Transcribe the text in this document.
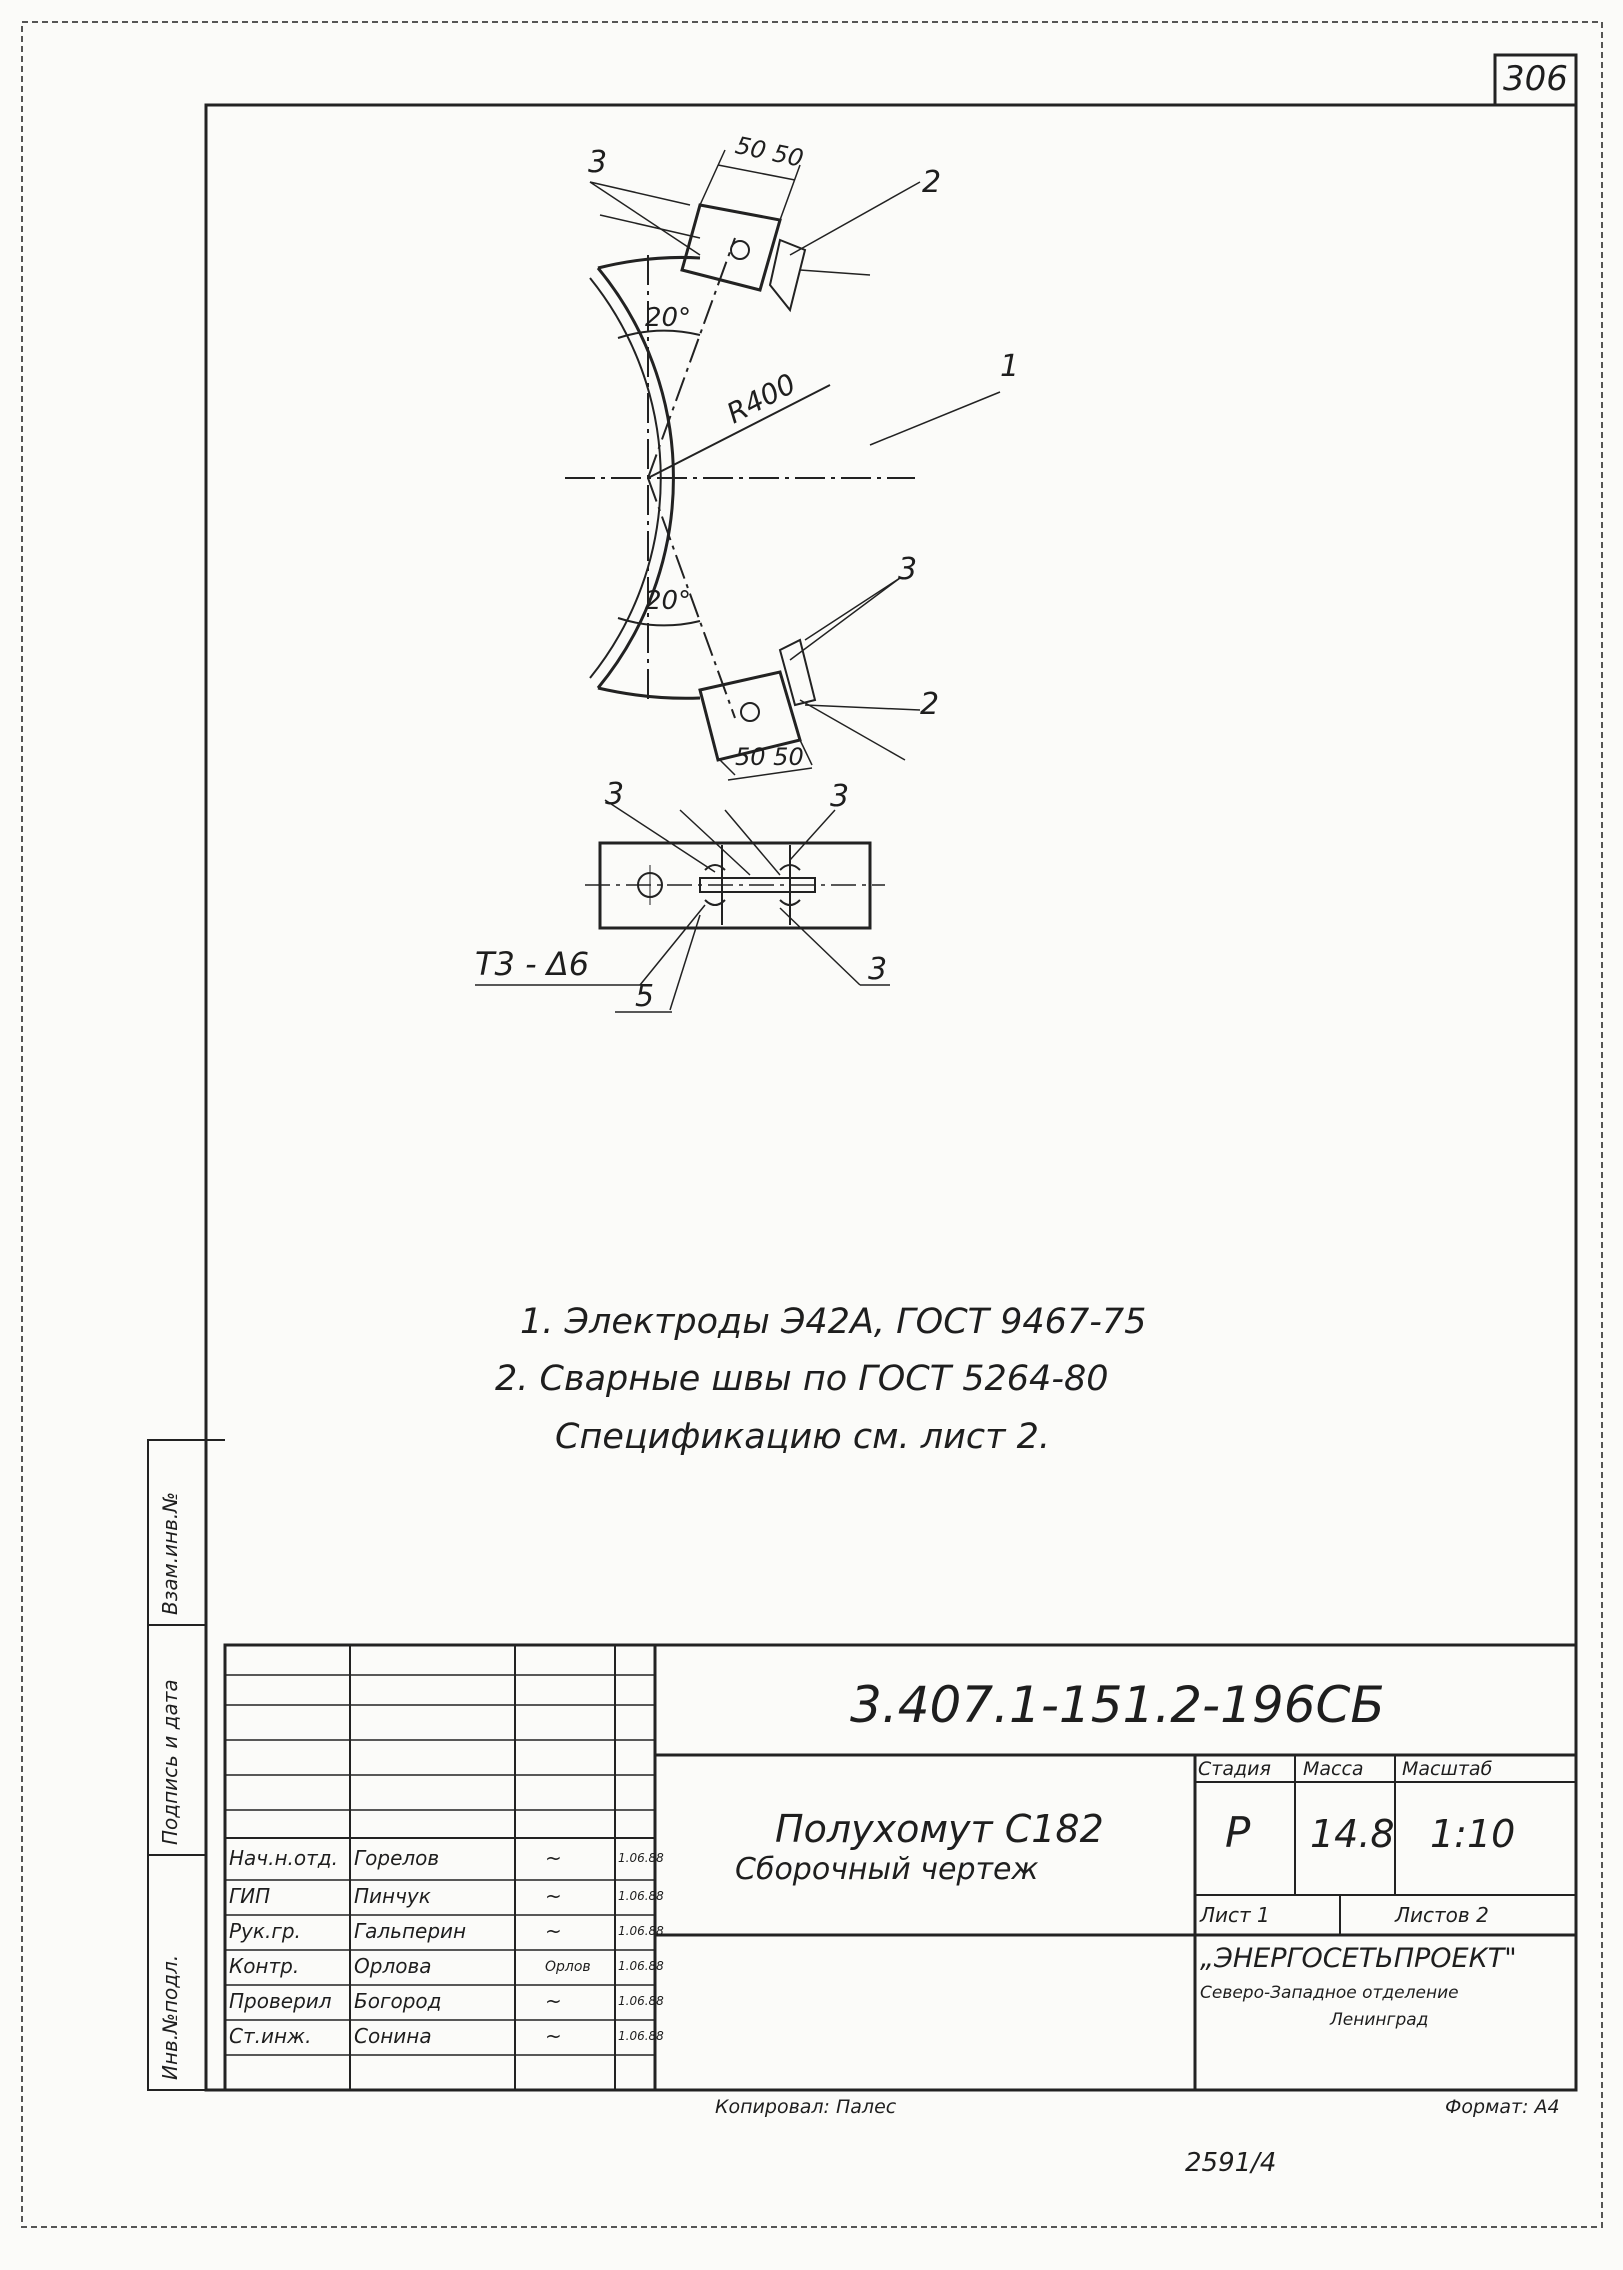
306
3	50 50
2
20°
R400
1
20°
3
2
50 50
3	3
Т3 - Δ6
5
3
1. Электроды Э42А, ГОСТ 9467-75
2. Сварные швы по ГОСТ 5264-80
Спецификацию см. лист 2.
Взам.инв.№
Подпись и дата
Инв.№подл.
3.407.1-151.2-196СБ
Полухомут С182
Сборочный чертеж
Стадия Масса Масштаб
Р 14.8 1:10
Лист 1	Листов 2
„ЭНЕРГОСЕТЬПРОЕКТ"
Северо-Западное отделение
Ленинград
Нач.н.отд. Горелов	~	1.06.88
ГИП	Пинчук	~	1.06.88
Рук.гр.	Гальперин	~	1.06.88
Контр.	Орлова	Орлов 1.06.88
Проверил Богород	~	1.06.88
Ст.инж. Сонина	~	1.06.88
Копировал: Палес	Формат: А4
2591/4
